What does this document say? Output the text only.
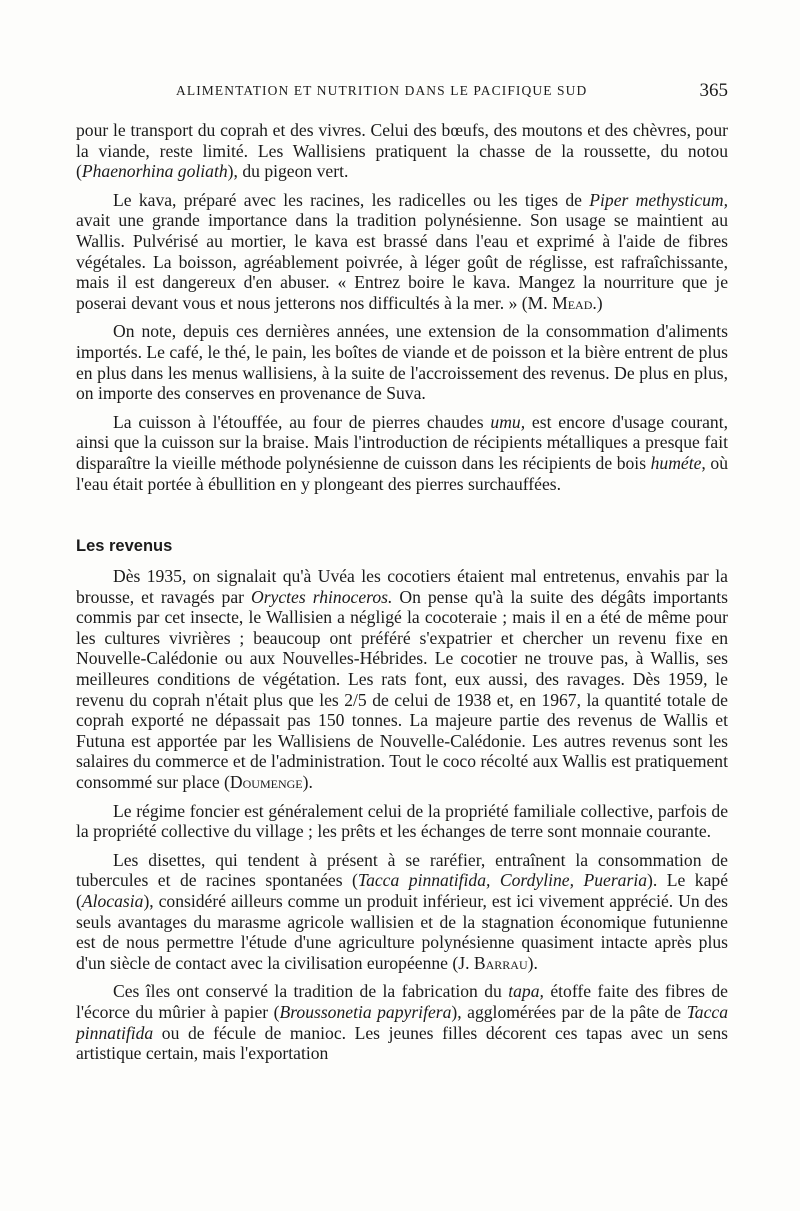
ALIMENTATION ET NUTRITION DANS LE PACIFIQUE SUD	365

pour le transport du coprah et des vivres. Celui des bœufs, des moutons et des chèvres, pour la viande, reste limité. Les Wallisiens pratiquent la chasse de la roussette, du notou (Phaenorhina goliath), du pigeon vert.

Le kava, préparé avec les racines, les radicelles ou les tiges de Piper methysticum, avait une grande importance dans la tradition polynésienne. Son usage se maintient au Wallis. Pulvérisé au mortier, le kava est brassé dans l'eau et exprimé à l'aide de fibres végétales. La boisson, agréablement poivrée, à léger goût de réglisse, est rafraîchissante, mais il est dangereux d'en abuser. « Entrez boire le kava. Mangez la nourriture que je poserai devant vous et nous jetterons nos difficultés à la mer. » (M. Mead.)

On note, depuis ces dernières années, une extension de la consommation d'aliments importés. Le café, le thé, le pain, les boîtes de viande et de poisson et la bière entrent de plus en plus dans les menus wallisiens, à la suite de l'accroissement des revenus. De plus en plus, on importe des conserves en provenance de Suva.

La cuisson à l'étouffée, au four de pierres chaudes umu, est encore d'usage courant, ainsi que la cuisson sur la braise. Mais l'introduction de récipients métalliques a presque fait disparaître la vieille méthode polynésienne de cuisson dans les récipients de bois huméte, où l'eau était portée à ébullition en y plongeant des pierres surchauffées.

Les revenus

Dès 1935, on signalait qu'à Uvéa les cocotiers étaient mal entretenus, envahis par la brousse, et ravagés par Oryctes rhinoceros. On pense qu'à la suite des dégâts importants commis par cet insecte, le Wallisien a négligé la cocoteraie ; mais il en a été de même pour les cultures vivrières ; beaucoup ont préféré s'expatrier et chercher un revenu fixe en Nouvelle-Calédonie ou aux Nouvelles-Hébrides. Le cocotier ne trouve pas, à Wallis, ses meilleures conditions de végétation. Les rats font, eux aussi, des ravages. Dès 1959, le revenu du coprah n'était plus que les 2/5 de celui de 1938 et, en 1967, la quantité totale de coprah exporté ne dépassait pas 150 tonnes. La majeure partie des revenus de Wallis et Futuna est apportée par les Wallisiens de Nouvelle-Calédonie. Les autres revenus sont les salaires du commerce et de l'administration. Tout le coco récolté aux Wallis est pratiquement consommé sur place (Doumenge).

Le régime foncier est généralement celui de la propriété familiale collective, parfois de la propriété collective du village ; les prêts et les échanges de terre sont monnaie courante.

Les disettes, qui tendent à présent à se raréfier, entraînent la consommation de tubercules et de racines spontanées (Tacca pinnatifida, Cordyline, Pueraria). Le kapé (Alocasia), considéré ailleurs comme un produit inférieur, est ici vivement apprécié. Un des seuls avantages du marasme agricole wallisien et de la stagnation économique futunienne est de nous permettre l'étude d'une agriculture polynésienne quasiment intacte après plus d'un siècle de contact avec la civilisation européenne (J. Barrau).

Ces îles ont conservé la tradition de la fabrication du tapa, étoffe faite des fibres de l'écorce du mûrier à papier (Broussonetia papyrifera), agglomérées par de la pâte de Tacca pinnatifida ou de fécule de manioc. Les jeunes filles décorent ces tapas avec un sens artistique certain, mais l'exportation
